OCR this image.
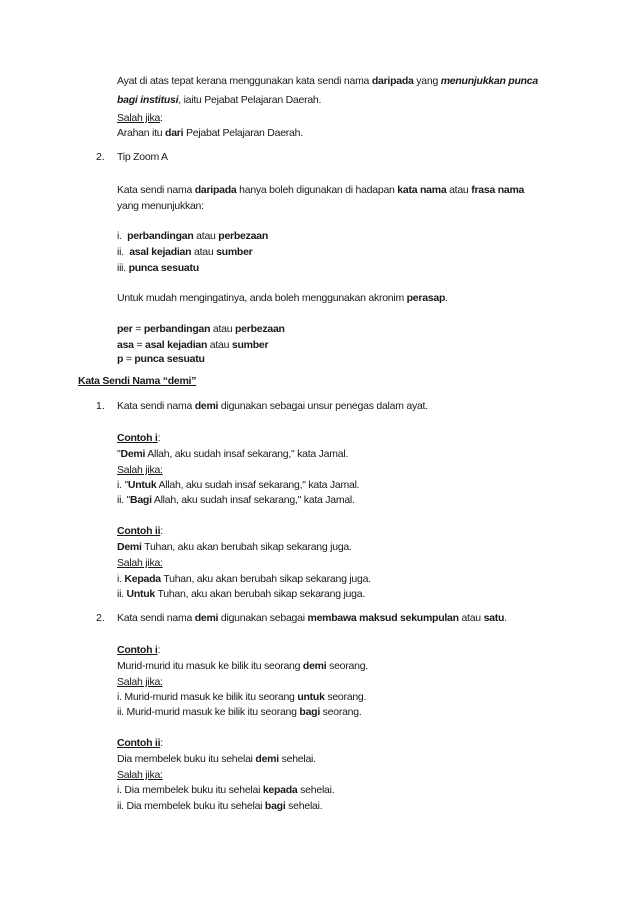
Ayat di atas tepat kerana menggunakan kata sendi nama daripada yang menunjukkan punca
bagi institusi, iaitu Pejabat Pelajaran Daerah.
Salah jika:
Arahan itu dari Pejabat Pelajaran Daerah.
2. Tip Zoom A
Kata sendi nama daripada hanya boleh digunakan di hadapan kata nama atau frasa nama
yang menunjukkan:
i. perbandingan atau perbezaan
ii. asal kejadian atau sumber
iii. punca sesuatu
Untuk mudah mengingatinya, anda boleh menggunakan akronim perasap.
per = perbandingan atau perbezaan
asa = asal kejadian atau sumber
p = punca sesuatu
Kata Sendi Nama “demi”
1. Kata sendi nama demi digunakan sebagai unsur penegas dalam ayat.
Contoh i:
"Demi Allah, aku sudah insaf sekarang," kata Jamal.
Salah jika:
i. "Untuk Allah, aku sudah insaf sekarang," kata Jamal.
ii. "Bagi Allah, aku sudah insaf sekarang," kata Jamal.
Contoh ii:
Demi Tuhan, aku akan berubah sikap sekarang juga.
Salah jika:
i. Kepada Tuhan, aku akan berubah sikap sekarang juga.
ii. Untuk Tuhan, aku akan berubah sikap sekarang juga.
2. Kata sendi nama demi digunakan sebagai membawa maksud sekumpulan atau satu.
Contoh i:
Murid-murid itu masuk ke bilik itu seorang demi seorang.
Salah jika:
i. Murid-murid masuk ke bilik itu seorang untuk seorang.
ii. Murid-murid masuk ke bilik itu seorang bagi seorang.
Contoh ii:
Dia membelek buku itu sehelai demi sehelai.
Salah jika:
i. Dia membelek buku itu sehelai kepada sehelai.
ii. Dia membelek buku itu sehelai bagi sehelai.
